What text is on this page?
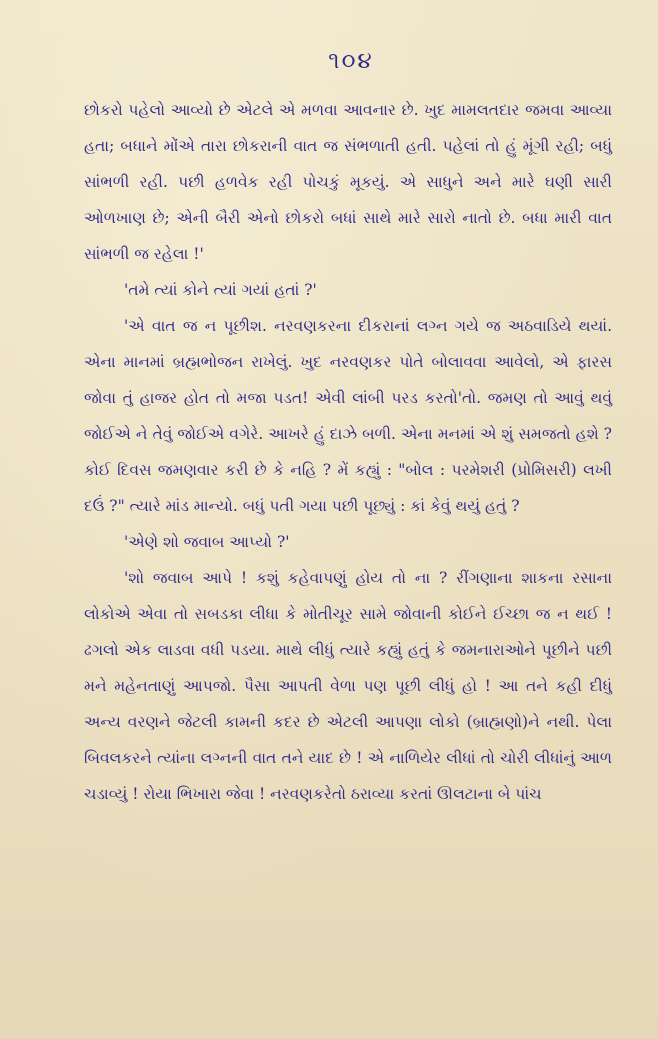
૧૦૪

છોકરો પહેલો આવ્યો છે એટલે એ મળવા આવનાર છે. ખુદ મામલતદાર જમવા આવ્યા હતા; બધાને મોંએ તારા છોકરાની વાત જ સંભળાતી હતી. પહેલાં તો હું મૂંગી રહી; બધું સાંભળી રહી. પછી હળવેક રહી પોચકું મૂકયું. એ સાધુને અને મારે ઘણી સારી ઓળખાણ છે; એની બૈરી એનો છોકરો બધાં સાથે મારે સારો નાતો છે. બધા મારી વાત સાંભળી જ રહેલા !'

'તમે ત્યાં કોને ત્યાં ગયાં હતાં ?'

'એ વાત જ ન પૂછીશ. નરવણકરના દીકરાનાં લગ્ન ગયે જ અઠવાડિયે થયાં. એના માનમાં બ્રહ્મભોજન રાખેલું. ખુદ નરવણકર પોતે બોલાવવા આવેલો, એ ફારસ જોવા તું હાજર હોત તો મજા પડત! એવી લાંબી પરડ કરતો'તો. જમણ તો આવું થવું જોઈએ ને તેવું જોઈએ વગેરે. આખરે હું દાઝે બળી. એના મનમાં એ શું સમજતો હશે ? કોઈ દિવસ જમણવાર કરી છે કે નહિ ? મેં કહ્યું : "બોલ : પરમેશરી (પ્રોમિસરી) લખી દઉં ?" ત્યારે માંડ માન્યો. બધું પતી ગયા પછી પૂછ્યું : કાં કેવું થયું હતું ?

'એણે શો જવાબ આપ્યો ?'

'શો જવાબ આપે ! કશું કહેવાપણું હોય તો ના ? રીંગણાના શાકના રસાના લોકોએ એવા તો સબડકા લીધા કે મોતીચૂર સામે જોવાની કોઈને ઈચ્છા જ ન થઈ ! ઢગલો એક લાડવા વધી પડયા. માથે લીધું ત્યારે કહ્યું હતું કે જમનારાઓને પૂછીને પછી મને મહેનતાણું આપજો. પૈસા આપતી વેળા પણ પૂછી લીધું હો ! આ તને કહી દીધું અન્ય વરણને જેટલી કામની કદર છે એટલી આપણા લોકો (બ્રાહ્મણો)ને નથી. પેલા બિવલકરને ત્યાંના લગ્નની વાત તને યાદ છે ! એ નાળિયેર લીધાં તો ચોરી લીધાંનું આળ ચડાવ્યું ! રોયા ભિખારા જેવા ! નરવણકરેતો ઠરાવ્યા કરતાં ઊલટાના બે પાંચ
